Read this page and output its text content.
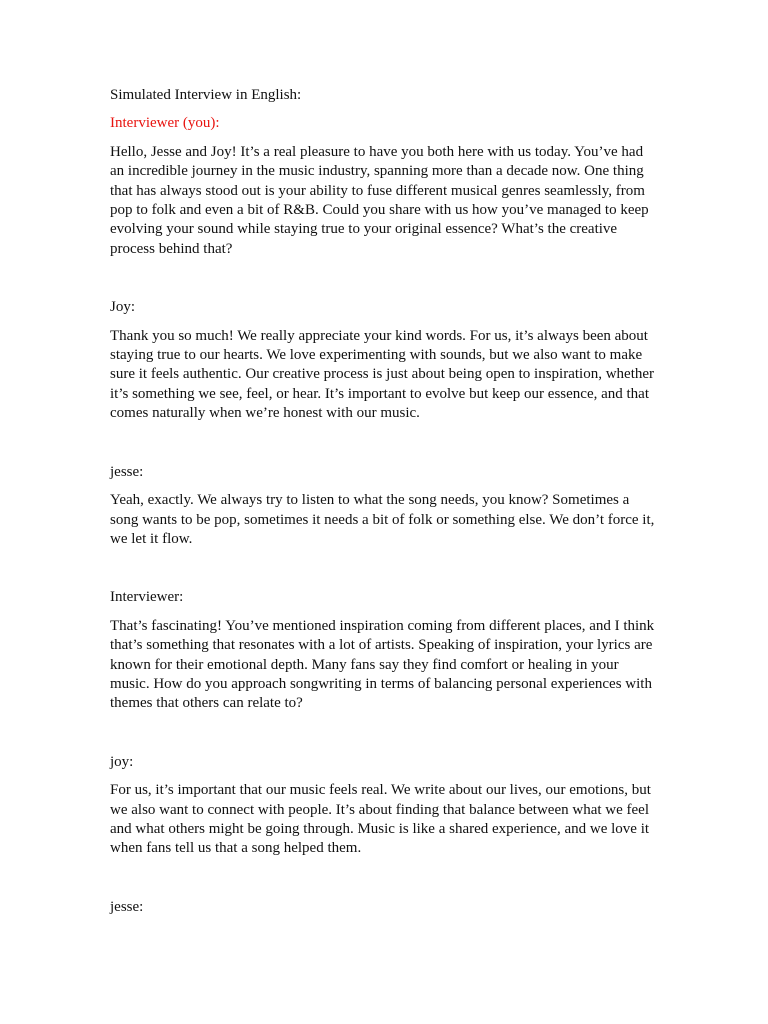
Simulated Interview in English:

Interviewer (you):

Hello, Jesse and Joy! It’s a real pleasure to have you both here with us today. You’ve had an incredible journey in the music industry, spanning more than a decade now. One thing that has always stood out is your ability to fuse different musical genres seamlessly, from pop to folk and even a bit of R&B. Could you share with us how you’ve managed to keep evolving your sound while staying true to your original essence? What’s the creative process behind that?

Joy:

Thank you so much! We really appreciate your kind words. For us, it’s always been about staying true to our hearts. We love experimenting with sounds, but we also want to make sure it feels authentic. Our creative process is just about being open to inspiration, whether it’s something we see, feel, or hear. It’s important to evolve but keep our essence, and that comes naturally when we’re honest with our music.

jesse:

Yeah, exactly. We always try to listen to what the song needs, you know? Sometimes a song wants to be pop, sometimes it needs a bit of folk or something else. We don’t force it, we let it flow.

Interviewer:

That’s fascinating! You’ve mentioned inspiration coming from different places, and I think that’s something that resonates with a lot of artists. Speaking of inspiration, your lyrics are known for their emotional depth. Many fans say they find comfort or healing in your music. How do you approach songwriting in terms of balancing personal experiences with themes that others can relate to?

joy:

For us, it’s important that our music feels real. We write about our lives, our emotions, but we also want to connect with people. It’s about finding that balance between what we feel and what others might be going through. Music is like a shared experience, and we love it when fans tell us that a song helped them.

jesse:
